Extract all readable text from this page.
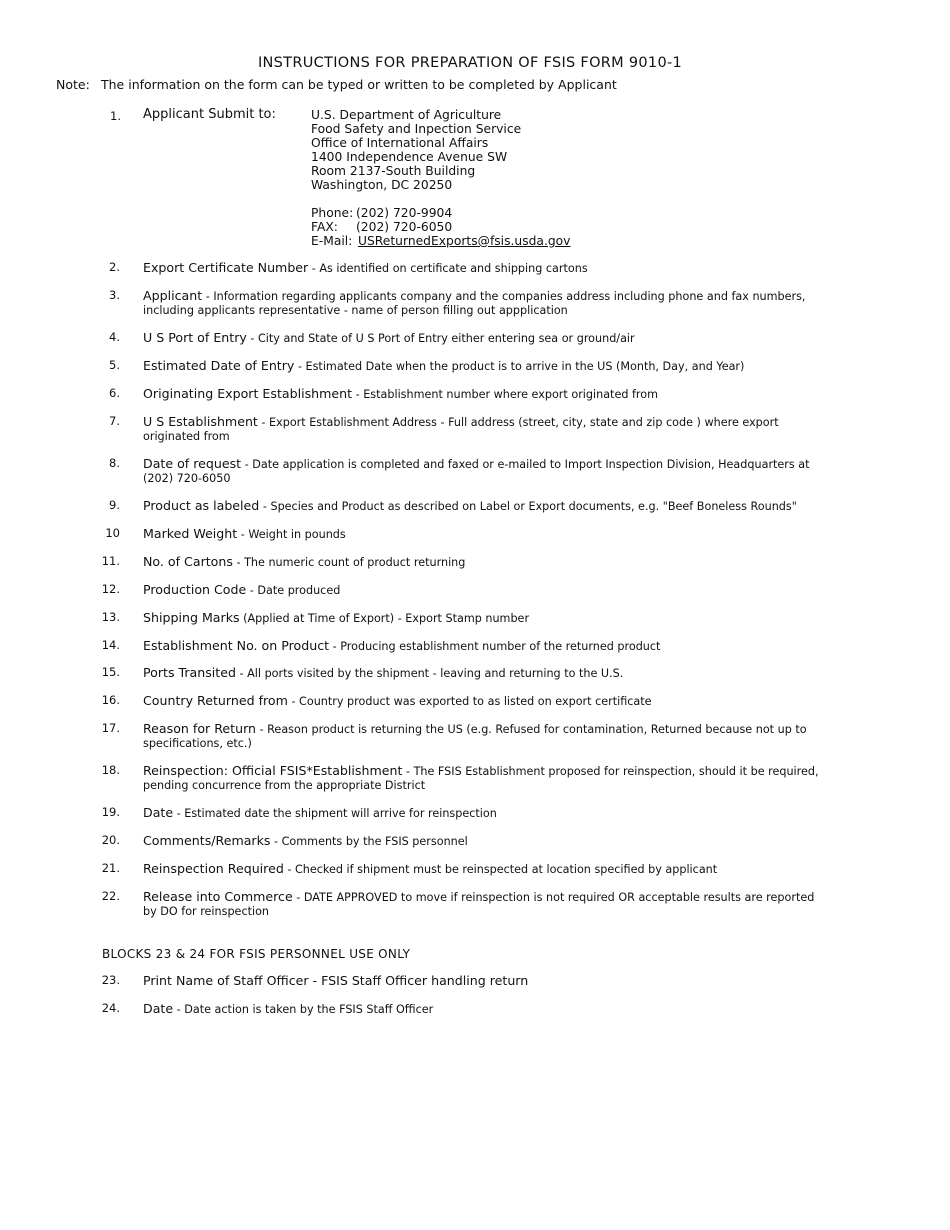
INSTRUCTIONS FOR PREPARATION OF FSIS FORM 9010-1
Note: The information on the form can be typed or written to be completed by Applicant
1. Applicant Submit to:	U.S. Department of Agriculture
Food Safety and Inpection Service
Office of International Affairs
1400 Independence Avenue SW
Room 2137-South Building
Washington, DC 20250
Phone: (202) 720-9904
FAX: (202) 720-6050
E-Mail: USReturnedExports@fsis.usda.gov
2. Export Certificate Number - As identified on certificate and shipping cartons
3. Applicant - Information regarding applicants company and the companies address including phone and fax numbers, including applicants representative - name of person filling out appplication
4. U S Port of Entry - City and State of U S Port of Entry either entering sea or ground/air
5. Estimated Date of Entry - Estimated Date when the product is to arrive in the US (Month, Day, and Year)
6. Originating Export Establishment - Establishment number where export originated from
7. U S Establishment - Export Establishment Address - Full address (street, city, state and zip code ) where export originated from
8. Date of request - Date application is completed and faxed or e-mailed to Import Inspection Division, Headquarters at (202) 720-6050
9. Product as labeled - Species and Product as described on Label or Export documents, e.g. "Beef Boneless Rounds"
10 Marked Weight - Weight in pounds
11. No. of Cartons - The numeric count of product returning
12. Production Code - Date produced
13. Shipping Marks (Applied at Time of Export) - Export Stamp number
14. Establishment No. on Product - Producing establishment number of the returned product
15. Ports Transited - All ports visited by the shipment - leaving and returning to the U.S.
16. Country Returned from - Country product was exported to as listed on export certificate
17. Reason for Return - Reason product is returning the US (e.g. Refused for contamination, Returned because not up to specifications, etc.)
18. Reinspection: Official FSIS*Establishment - The FSIS Establishment proposed for reinspection, should it be required, pending concurrence from the appropriate District
19. Date - Estimated date the shipment will arrive for reinspection
20. Comments/Remarks - Comments by the FSIS personnel
21. Reinspection Required - Checked if shipment must be reinspected at location specified by applicant
22. Release into Commerce - DATE APPROVED to move if reinspection is not required OR acceptable results are reported by DO for reinspection
BLOCKS 23 & 24 FOR FSIS PERSONNEL USE ONLY
23. Print Name of Staff Officer - FSIS Staff Officer handling return
24. Date - Date action is taken by the FSIS Staff Officer
